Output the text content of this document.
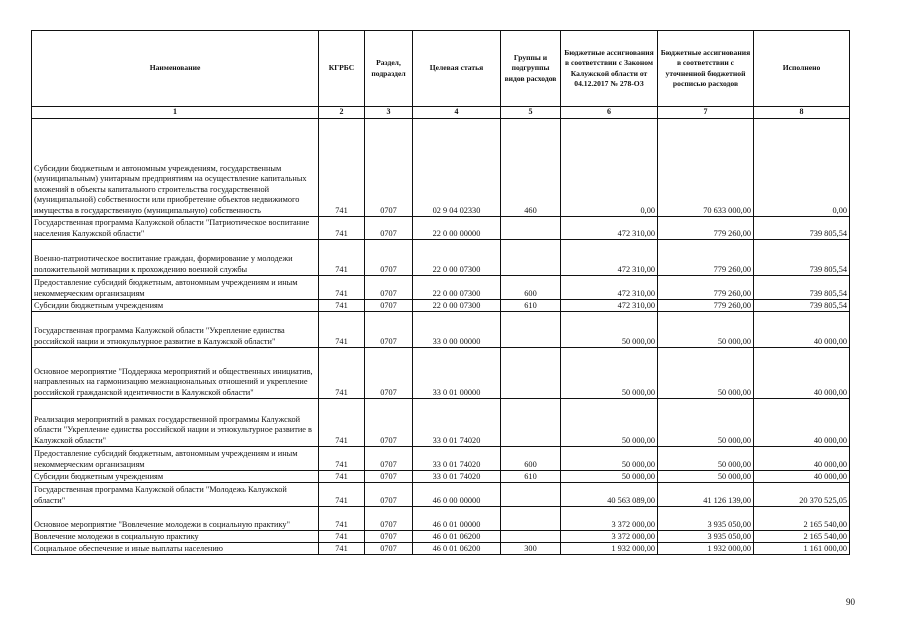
Наименование	КГРБС	Раздел, подраздел	Целевая статья	Группы и подгруппы видов расходов	Бюджетные ассигнования в соответствии с Законом Калужской области от 04.12.2017 № 278-ОЗ	Бюджетные ассигнования в соответствии с уточненной бюджетной росписью расходов	Исполнено
1	2	3	4	5	6	7	8
Субсидии бюджетным и автономным учреждениям, государственным (муниципальным) унитарным предприятиям на осуществление капитальных вложений в объекты капитального строительства государственной (муниципальной) собственности или приобретение объектов недвижимого имущества в государственную (муниципальную) собственность	741	0707	02 9 04 02330	460	0,00	70 633 000,00	0,00
Государственная программа Калужской области "Патриотическое воспитание населения Калужской области"	741	0707	22 0 00 00000		472 310,00	779 260,00	739 805,54
Военно-патриотическое воспитание граждан, формирование у молодежи положительной мотивации к прохождению военной службы	741	0707	22 0 00 07300		472 310,00	779 260,00	739 805,54
Предоставление субсидий бюджетным, автономным учреждениям и иным некоммерческим организациям	741	0707	22 0 00 07300	600	472 310,00	779 260,00	739 805,54
Субсидии бюджетным учреждениям	741	0707	22 0 00 07300	610	472 310,00	779 260,00	739 805,54
Государственная программа Калужской области "Укрепление единства российской нации и этнокультурное развитие в Калужской области"	741	0707	33 0 00 00000		50 000,00	50 000,00	40 000,00
Основное мероприятие "Поддержка мероприятий и общественных инициатив, направленных на гармонизацию межнациональных отношений и укрепление российской гражданской идентичности в Калужской области"	741	0707	33 0 01 00000		50 000,00	50 000,00	40 000,00
Реализация мероприятий в рамках государственной программы Калужской области "Укрепление единства российской нации и этнокультурное развитие в Калужской области"	741	0707	33 0 01 74020		50 000,00	50 000,00	40 000,00
Предоставление субсидий бюджетным, автономным учреждениям и иным некоммерческим организациям	741	0707	33 0 01 74020	600	50 000,00	50 000,00	40 000,00
Субсидии бюджетным учреждениям	741	0707	33 0 01 74020	610	50 000,00	50 000,00	40 000,00
Государственная программа Калужской области "Молодежь Калужской области"	741	0707	46 0 00 00000		40 563 089,00	41 126 139,00	20 370 525,05
Основное мероприятие "Вовлечение молодежи в социальную практику"	741	0707	46 0 01 00000		3 372 000,00	3 935 050,00	2 165 540,00
Вовлечение молодежи в социальную практику	741	0707	46 0 01 06200		3 372 000,00	3 935 050,00	2 165 540,00
Социальное обеспечение и иные выплаты населению	741	0707	46 0 01 06200	300	1 932 000,00	1 932 000,00	1 161 000,00
90
